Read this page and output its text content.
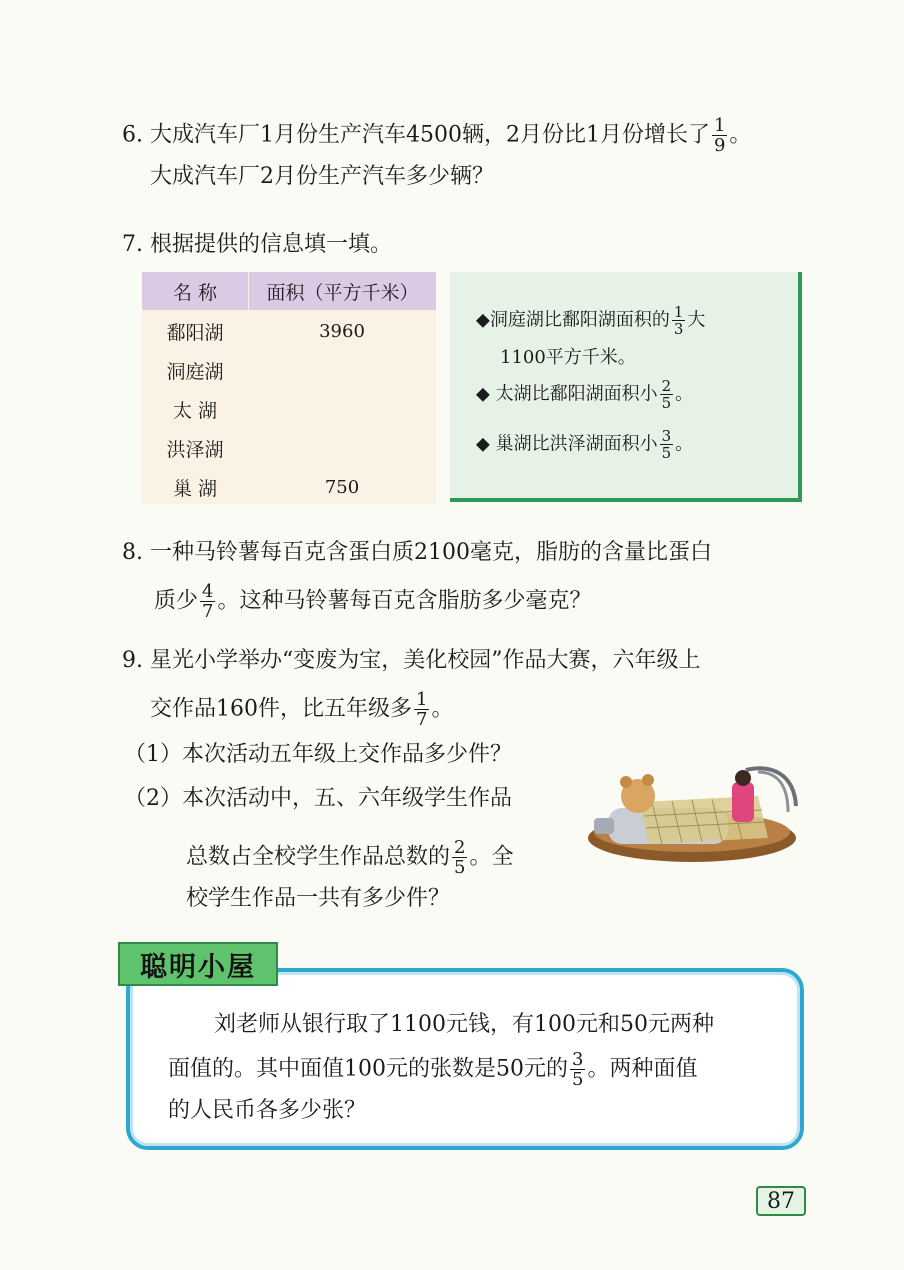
6. 大成汽车厂1月份生产汽车4500辆，2月份比1月份增长了 $\frac{1}{9}$ 。
大成汽车厂2月份生产汽车多少辆？
7. 根据提供的信息填一填。
名 称	面积（平方千米）
鄱阳湖	3960
洞庭湖
太 湖
洪泽湖
巢 湖	750
◆洞庭湖比鄱阳湖面积的 $\frac{1}{3}$ 大
1100平方千米。
◆ 太湖比鄱阳湖面积小 $\frac{2}{5}$ 。
◆ 巢湖比洪泽湖面积小 $\frac{3}{5}$ 。
8. 一种马铃薯每百克含蛋白质2100毫克，脂肪的含量比蛋白
质少 $\frac{4}{7}$ 。这种马铃薯每百克含脂肪多少毫克？
9. 星光小学举办“变废为宝，美化校园”作品大赛，六年级上
交作品160件，比五年级多 $\frac{1}{7}$ 。
（1）本次活动五年级上交作品多少件？
（2）本次活动中，五、六年级学生作品
总数占全校学生作品总数的 $\frac{2}{5}$ 。全
校学生作品一共有多少件？
聪明小屋
刘老师从银行取了1100元钱，有100元和50元两种
面值的。其中面值100元的张数是50元的 $\frac{3}{5}$ 。两种面值
的人民币各多少张？
87
